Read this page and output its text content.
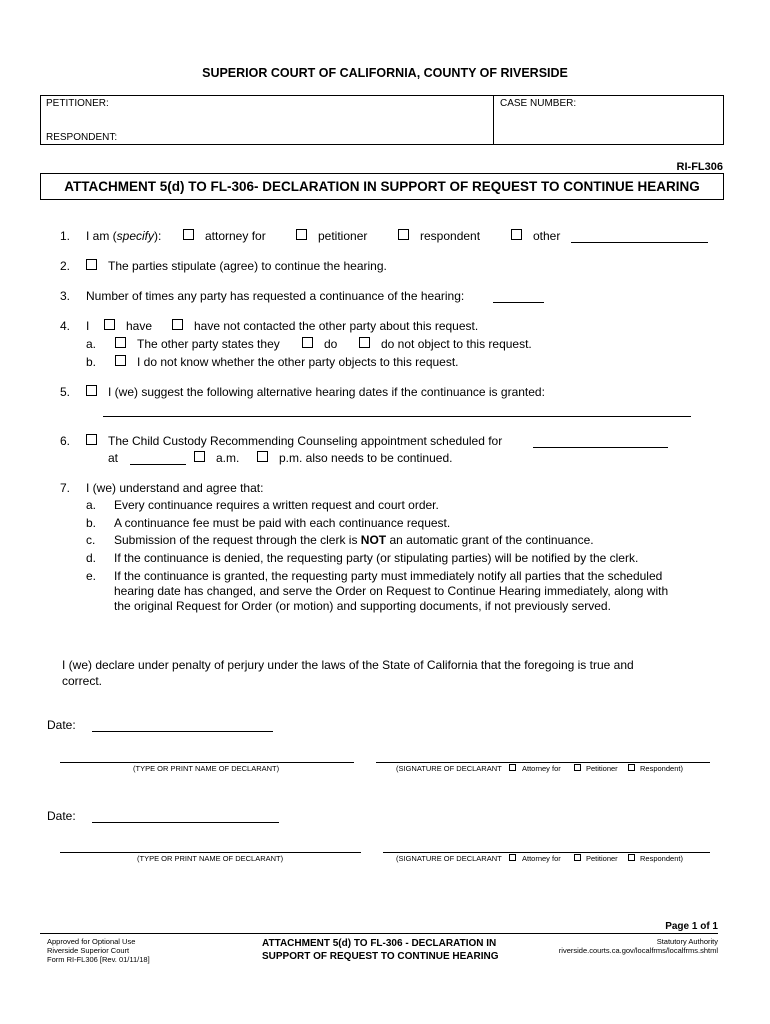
SUPERIOR COURT OF CALIFORNIA, COUNTY OF RIVERSIDE
PETITIONER:	CASE NUMBER:
RESPONDENT:
RI-FL306
ATTACHMENT 5(d) TO FL-306- DECLARATION IN SUPPORT OF REQUEST TO CONTINUE HEARING
1. I am (specify):	attorney for	petitioner	respondent	other
2.	The parties stipulate (agree) to continue the hearing.
3. Number of times any party has requested a continuance of the hearing:
4. I	have	have not contacted the other party about this request.
a.	The other party states they	do	do not object to this request.
b.	I do not know whether the other party objects to this request.
5.	I (we) suggest the following alternative hearing dates if the continuance is granted:
6.	The Child Custody Recommending Counseling appointment scheduled for
at	a.m.	p.m. also needs to be continued.
7. I (we) understand and agree that:
a. Every continuance requires a written request and court order.
b. A continuance fee must be paid with each continuance request.
c. Submission of the request through the clerk is NOT an automatic grant of the continuance.
d. If the continuance is denied, the requesting party (or stipulating parties) will be notified by the clerk.
e. If the continuance is granted, the requesting party must immediately notify all parties that the scheduled
hearing date has changed, and serve the Order on Request to Continue Hearing immediately, along with
the original Request for Order (or motion) and supporting documents, if not previously served.
I (we) declare under penalty of perjury under the laws of the State of California that the foregoing is true and
correct.
Date:
(TYPE OR PRINT NAME OF DECLARANT)	(SIGNATURE OF DECLARANT	Attorney for	Petitioner	Respondent)
Date:
(TYPE OR PRINT NAME OF DECLARANT)	(SIGNATURE OF DECLARANT	Attorney for	Petitioner	Respondent)
Page 1 of 1
Approved for Optional Use
Riverside Superior Court
Form RI-FL306 [Rev. 01/11/18]
ATTACHMENT 5(d) TO FL-306 - DECLARATION IN
SUPPORT OF REQUEST TO CONTINUE HEARING
Statutory Authority
riverside.courts.ca.gov/localfrms/localfrms.shtml
